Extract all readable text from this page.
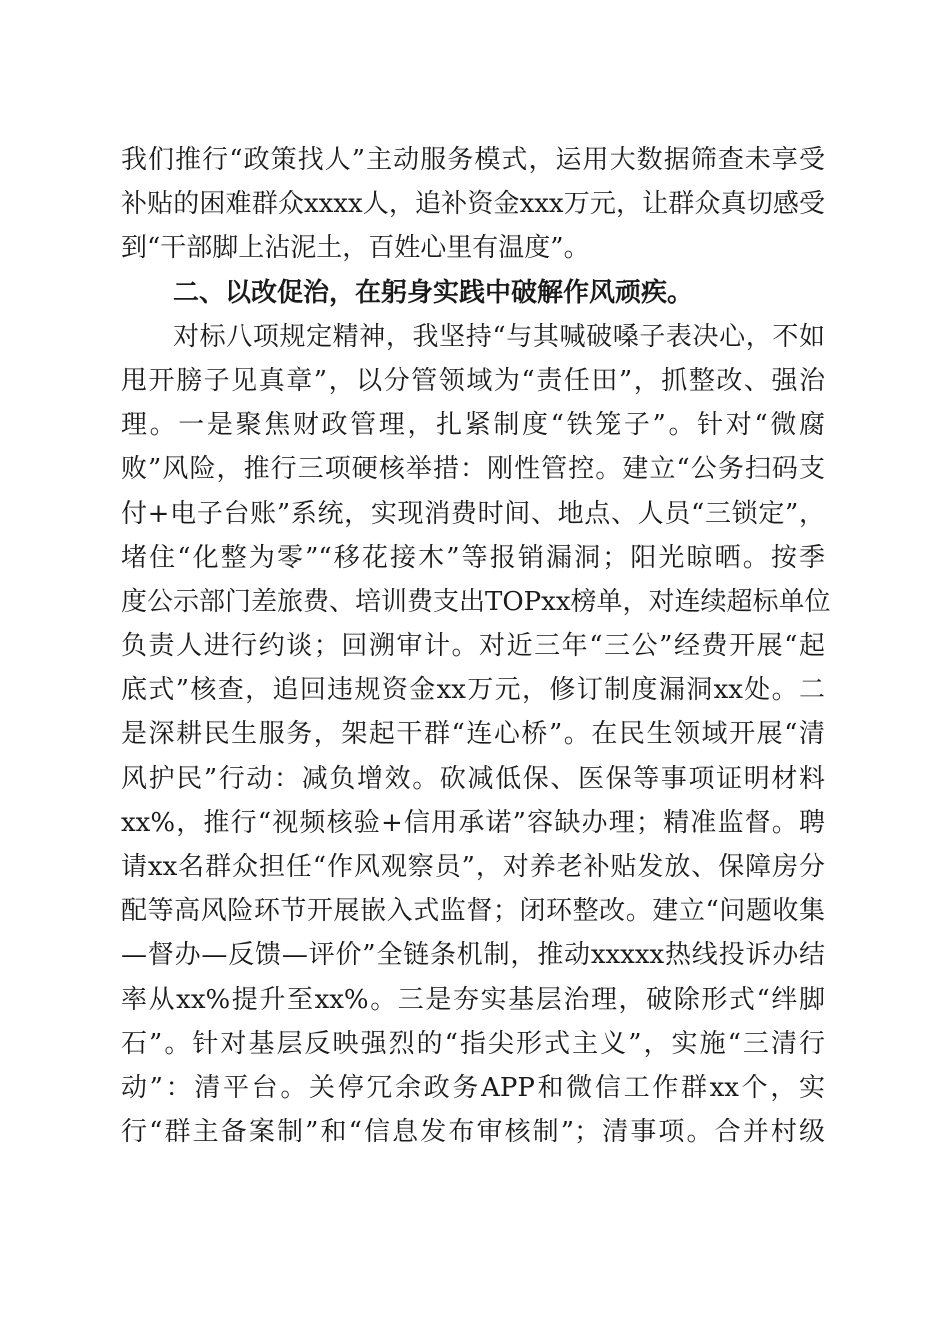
我们推行“政策找人”主动服务模式，运用大数据筛查未享受
补贴的困难群众xxxx人，追补资金xxx万元，让群众真切感受
到“干部脚上沾泥土，百姓心里有温度”。
二、以改促治，在躬身实践中破解作风顽疾。
对标八项规定精神，我坚持“与其喊破嗓子表决心，不如
甩开膀子见真章”，以分管领域为“责任田”，抓整改、强治
理。一是聚焦财政管理，扎紧制度“铁笼子”。针对“微腐
败”风险，推行三项硬核举措：刚性管控。建立“公务扫码支
付+电子台账”系统，实现消费时间、地点、人员“三锁定”，
堵住“化整为零”“移花接木”等报销漏洞；阳光晾晒。按季
度公示部门差旅费、培训费支出TOPxx榜单，对连续超标单位
负责人进行约谈；回溯审计。对近三年“三公”经费开展“起
底式”核查，追回违规资金xx万元，修订制度漏洞xx处。二
是深耕民生服务，架起干群“连心桥”。在民生领域开展“清
风护民”行动：减负增效。砍减低保、医保等事项证明材料
xx%，推行“视频核验+信用承诺”容缺办理；精准监督。聘
请xx名群众担任“作风观察员”，对养老补贴发放、保障房分
配等高风险环节开展嵌入式监督；闭环整改。建立“问题收集
—督办—反馈—评价”全链条机制，推动xxxxx热线投诉办结
率从xx%提升至xx%。三是夯实基层治理，破除形式“绊脚
石”。针对基层反映强烈的“指尖形式主义”，实施“三清行
动”：清平台。关停冗余政务APP和微信工作群xx个，实
行“群主备案制”和“信息发布审核制”；清事项。合并村级
